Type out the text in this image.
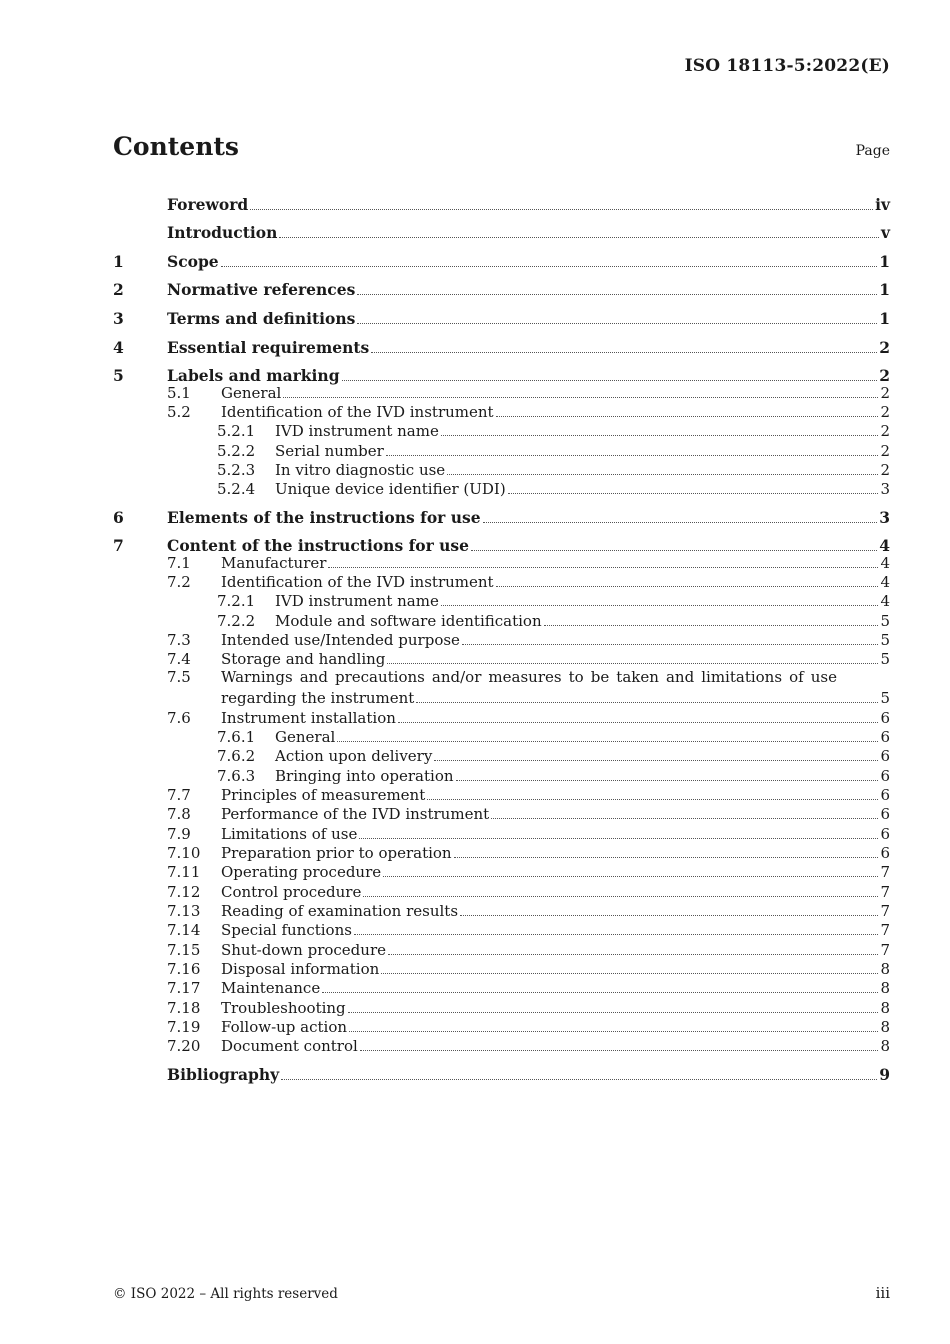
ISO 18113-5:2022(E)
Contents	Page
Foreword	iv
Introduction	v
1	Scope	1
2	Normative references	1
3	Terms and definitions	1
4	Essential requirements	2
5	Labels and marking	2
5.1	General	2
5.2	Identification of the IVD instrument	2
5.2.1	IVD instrument name	2
5.2.2	Serial number	2
5.2.3	In vitro diagnostic use	2
5.2.4	Unique device identifier (UDI)	3
6	Elements of the instructions for use	3
7	Content of the instructions for use	4
7.1	Manufacturer	4
7.2	Identification of the IVD instrument	4
7.2.1	IVD instrument name	4
7.2.2	Module and software identification	5
7.3	Intended use/Intended purpose	5
7.4	Storage and handling	5
7.5	Warnings and precautions and/or measures to be taken and limitations of use
regarding the instrument	5
7.6	Instrument installation	6
7.6.1	General	6
7.6.2	Action upon delivery	6
7.6.3	Bringing into operation	6
7.7	Principles of measurement	6
7.8	Performance of the IVD instrument	6
7.9	Limitations of use	6
7.10	Preparation prior to operation	6
7.11	Operating procedure	7
7.12	Control procedure	7
7.13	Reading of examination results	7
7.14	Special functions	7
7.15	Shut-down procedure	7
7.16	Disposal information	8
7.17	Maintenance	8
7.18	Troubleshooting	8
7.19	Follow-up action	8
7.20	Document control	8
Bibliography	9
© ISO 2022 – All rights reserved	iii
